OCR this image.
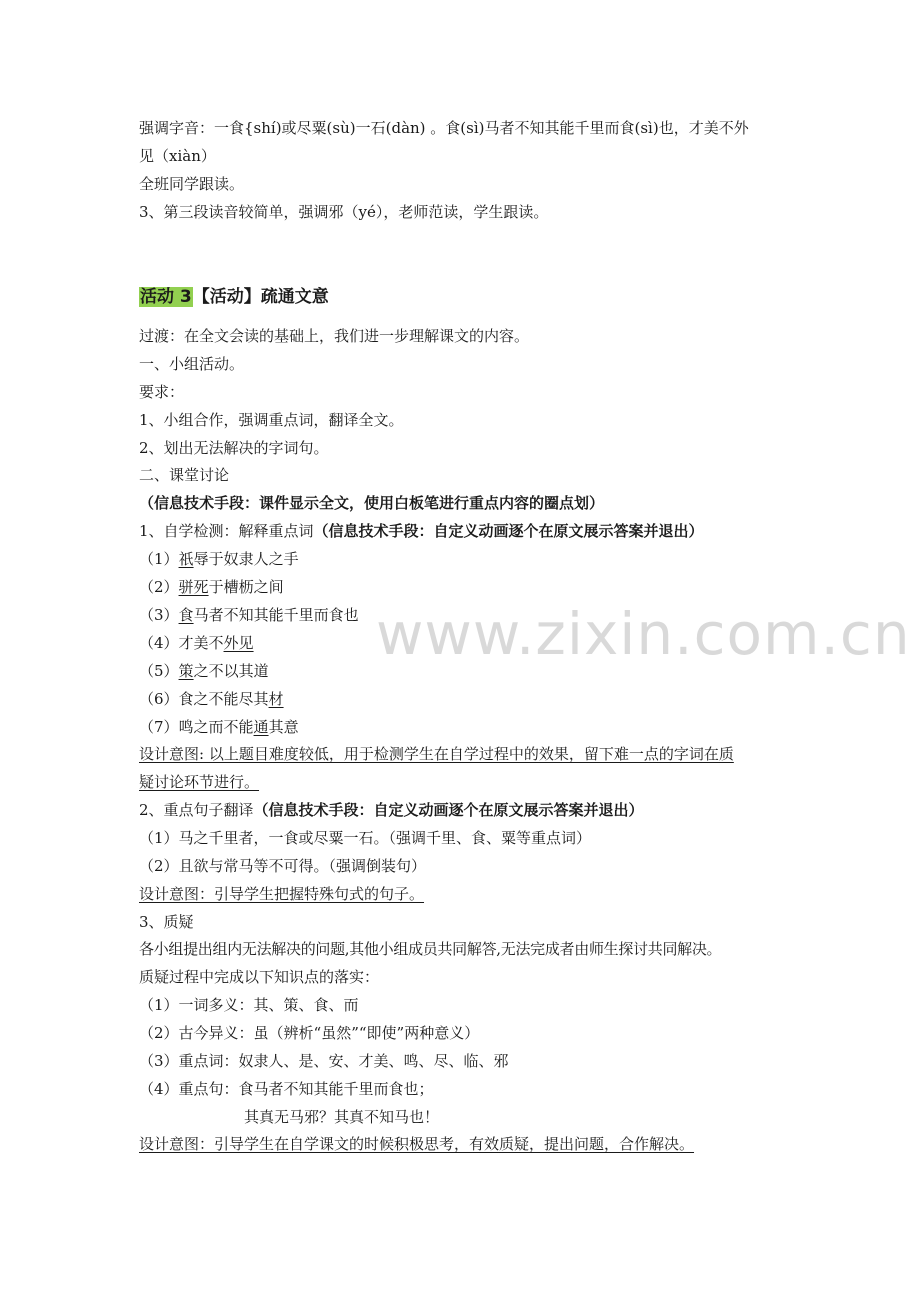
www.zixin.com.cn
强调字音：一食{shí)或尽粟(sù)一石(dàn) 。食(sì)马者不知其能千里而食(sì)也，才美不外
见（xiàn）
全班同学跟读。
3、第三段读音较简单，强调邪（yé），老师范读，学生跟读。
活动 3【活动】疏通文意
过渡：在全文会读的基础上，我们进一步理解课文的内容。
一、小组活动。
要求：
1、小组合作，强调重点词，翻译全文。
2、划出无法解决的字词句。
二、课堂讨论
（信息技术手段：课件显示全文，使用白板笔进行重点内容的圈点划）
1、自学检测：解释重点词（信息技术手段：自定义动画逐个在原文展示答案并退出）
（1）祇辱于奴隶人之手
（2）骈死于槽枥之间
（3）食马者不知其能千里而食也
（4）才美不外见
（5）策之不以其道
（6）食之不能尽其材
（7）鸣之而不能通其意
设计意图: 以上题目难度较低，用于检测学生在自学过程中的效果，留下难一点的字词在质
疑讨论环节进行。
2、重点句子翻译（信息技术手段：自定义动画逐个在原文展示答案并退出）
（1）马之千里者，一食或尽粟一石。（强调千里、食、粟等重点词）
（2）且欲与常马等不可得。（强调倒装句）
设计意图：引导学生把握特殊句式的句子。
3、质疑
各小组提出组内无法解决的问题,其他小组成员共同解答,无法完成者由师生探讨共同解决。
质疑过程中完成以下知识点的落实：
（1）一词多义：其、策、食、而
（2）古今异义：虽（辨析“虽然”“即使”两种意义）
（3）重点词：奴隶人、是、安、才美、鸣、尽、临、邪
（4）重点句：食马者不知其能千里而食也；
其真无马邪？其真不知马也！
设计意图：引导学生在自学课文的时候积极思考，有效质疑，提出问题，合作解决。
